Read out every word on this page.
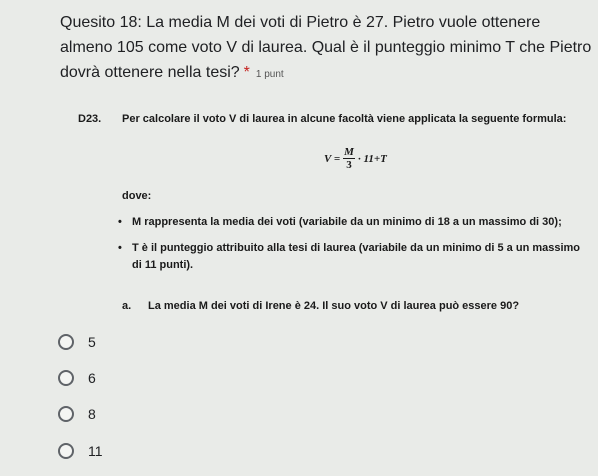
Quesito 18: La media M dei voti di Pietro è 27. Pietro vuole ottenere almeno 105 come voto V di laurea. Qual è il punteggio minimo T che Pietro dovrà ottenere nella tesi? * 1 punt
D23. Per calcolare il voto V di laurea in alcune facoltà viene applicata la seguente formula:
$V = \frac{M}{3} \cdot 11+T$
dove:
• M rappresenta la media dei voti (variabile da un minimo di 18 a un massimo di 30);
• T è il punteggio attribuito alla tesi di laurea (variabile da un minimo di 5 a un massimo di 11 punti).
a. La media M dei voti di Irene è 24. Il suo voto V di laurea può essere 90?
5
6
8
11
